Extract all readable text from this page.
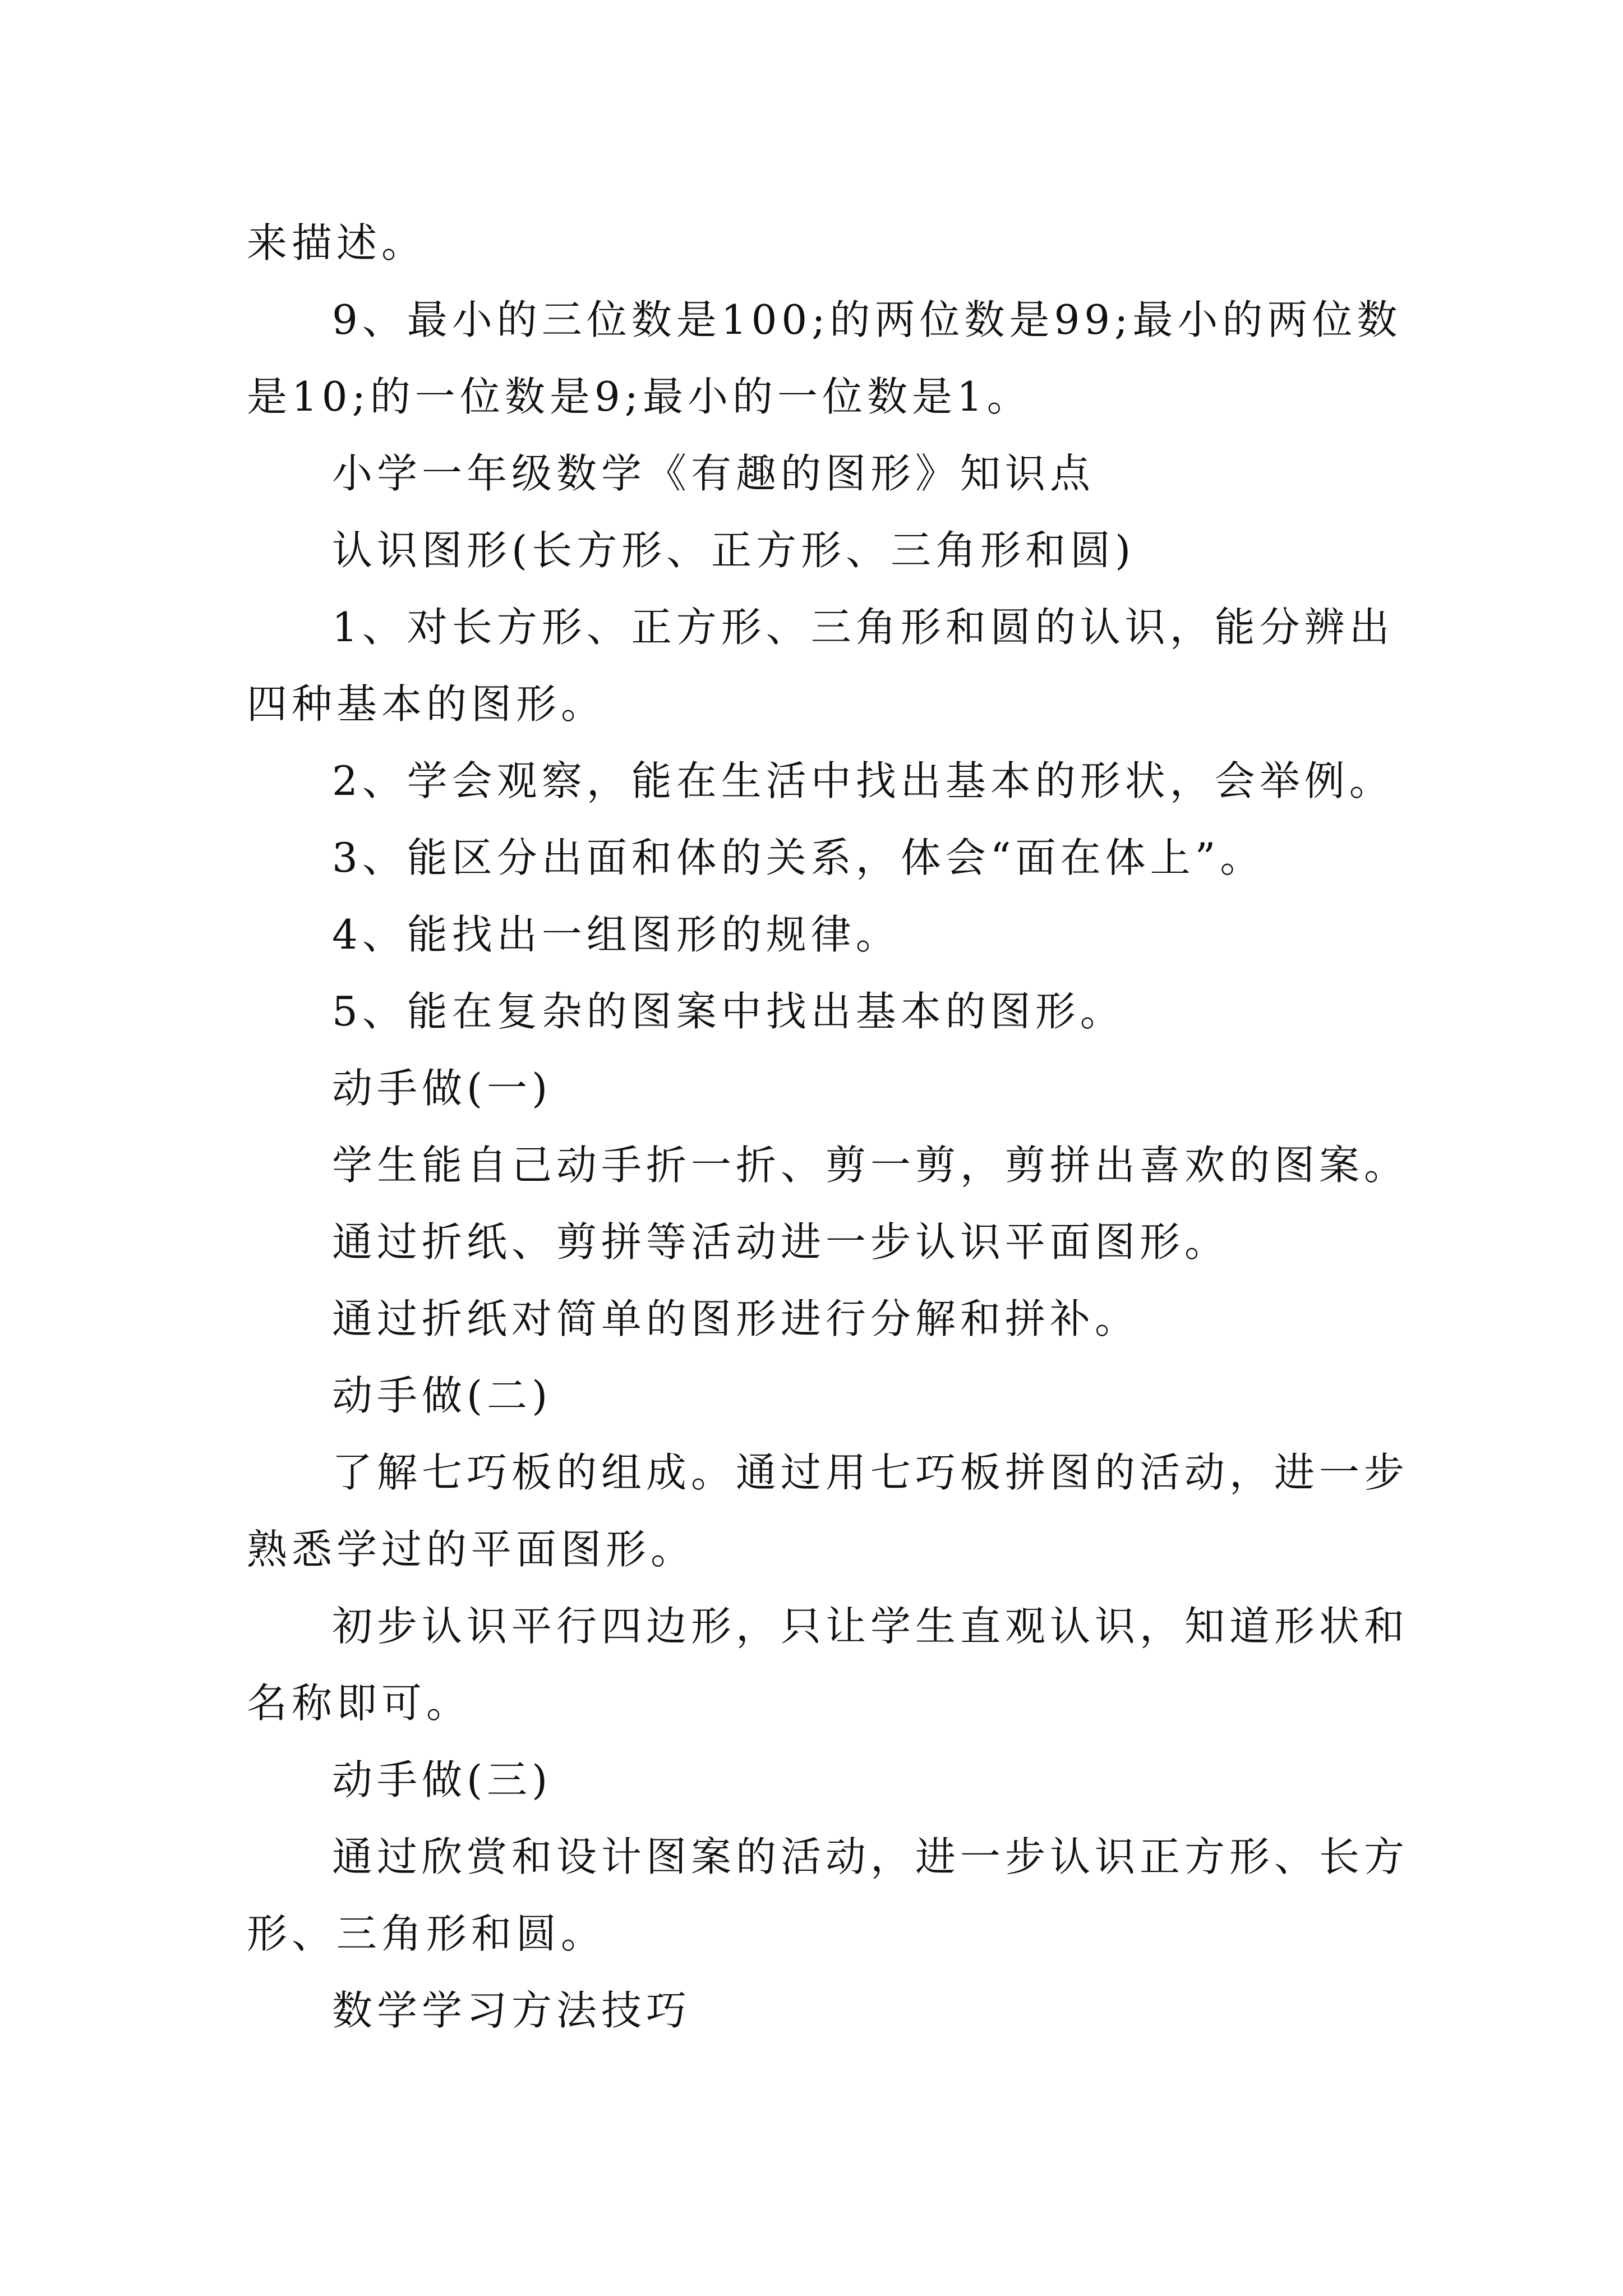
来描述。
9、最小的三位数是100;的两位数是99;最小的两位数
是10;的一位数是9;最小的一位数是1。
小学一年级数学《有趣的图形》知识点
认识图形(长方形、正方形、三角形和圆)
1、对长方形、正方形、三角形和圆的认识，能分辨出
四种基本的图形。
2、学会观察，能在生活中找出基本的形状，会举例。
3、能区分出面和体的关系，体会“面在体上”。
4、能找出一组图形的规律。
5、能在复杂的图案中找出基本的图形。
动手做(一)
学生能自己动手折一折、剪一剪，剪拼出喜欢的图案。
通过折纸、剪拼等活动进一步认识平面图形。
通过折纸对简单的图形进行分解和拼补。
动手做(二)
了解七巧板的组成。通过用七巧板拼图的活动，进一步
熟悉学过的平面图形。
初步认识平行四边形，只让学生直观认识，知道形状和
名称即可。
动手做(三)
通过欣赏和设计图案的活动，进一步认识正方形、长方
形、三角形和圆。
数学学习方法技巧
